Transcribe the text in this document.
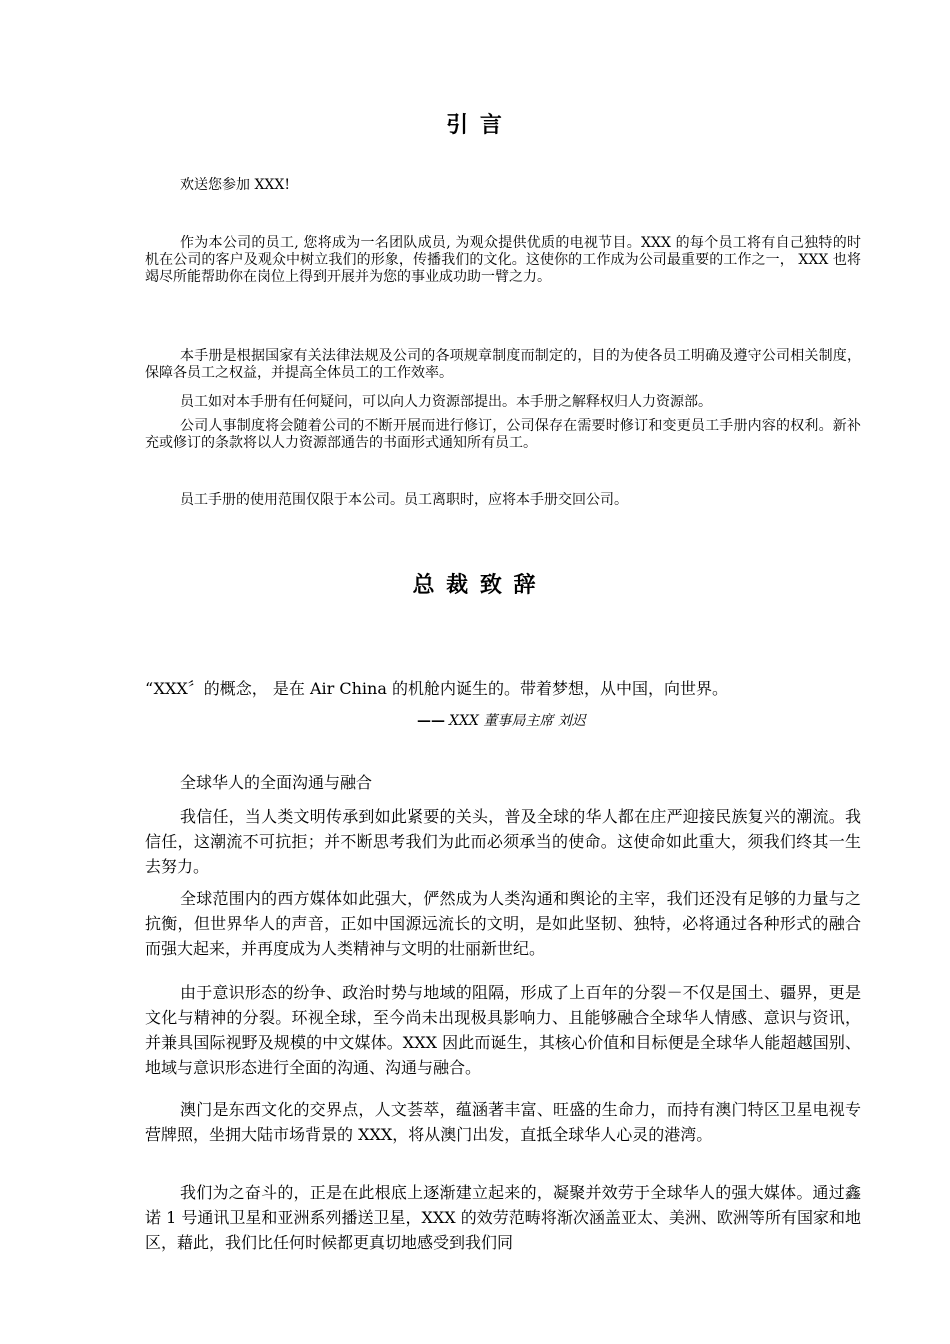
引 言
欢送您参加 XXX!
作为本公司的员工, 您将成为一名团队成员, 为观众提供优质的电视节目。XXX 的每个员工将有自己独特的时机在公司的客户及观众中树立我们的形象，传播我们的文化。这使你的工作成为公司最重要的工作之一， XXX 也将竭尽所能帮助你在岗位上得到开展并为您的事业成功助一臂之力。
本手册是根据国家有关法律法规及公司的各项规章制度而制定的，目的为使各员工明确及遵守公司相关制度，保障各员工之权益，并提高全体员工的工作效率。
员工如对本手册有任何疑问，可以向人力资源部提出。本手册之解释权归人力资源部。
公司人事制度将会随着公司的不断开展而进行修订，公司保存在需要时修订和变更员工手册内容的权利。新补充或修订的条款将以人力资源部通告的书面形式通知所有员工。
员工手册的使用范围仅限于本公司。员工离职时，应将本手册交回公司。
总 裁 致 辞
“XXX〞的概念， 是在 Air China 的机舱内诞生的。带着梦想，从中国，向世界。
—— XXX 董事局主席 刘迟
全球华人的全面沟通与融合
我信任，当人类文明传承到如此紧要的关头，普及全球的华人都在庄严迎接民族复兴的潮流。我信任，这潮流不可抗拒；并不断思考我们为此而必须承当的使命。这使命如此重大，须我们终其一生去努力。
全球范围内的西方媒体如此强大，俨然成为人类沟通和舆论的主宰，我们还没有足够的力量与之抗衡，但世界华人的声音，正如中国源远流长的文明，是如此坚韧、独特，必将通过各种形式的融合而强大起来，并再度成为人类精神与文明的壮丽新世纪。
由于意识形态的纷争、政治时势与地域的阻隔，形成了上百年的分裂－不仅是国土、疆界，更是文化与精神的分裂。环视全球，至今尚未出现极具影响力、且能够融合全球华人情感、意识与资讯，并兼具国际视野及规模的中文媒体。XXX 因此而诞生，其核心价值和目标便是全球华人能超越国别、地域与意识形态进行全面的沟通、沟通与融合。
澳门是东西文化的交界点，人文荟萃，蕴涵著丰富、旺盛的生命力，而持有澳门特区卫星电视专营牌照，坐拥大陆市场背景的 XXX，将从澳门出发，直抵全球华人心灵的港湾。
我们为之奋斗的，正是在此根底上逐渐建立起来的，凝聚并效劳于全球华人的强大媒体。通过鑫诺 1 号通讯卫星和亚洲系列播送卫星，XXX 的效劳范畴将渐次涵盖亚太、美洲、欧洲等所有国家和地区，藉此，我们比任何时候都更真切地感受到我们同
